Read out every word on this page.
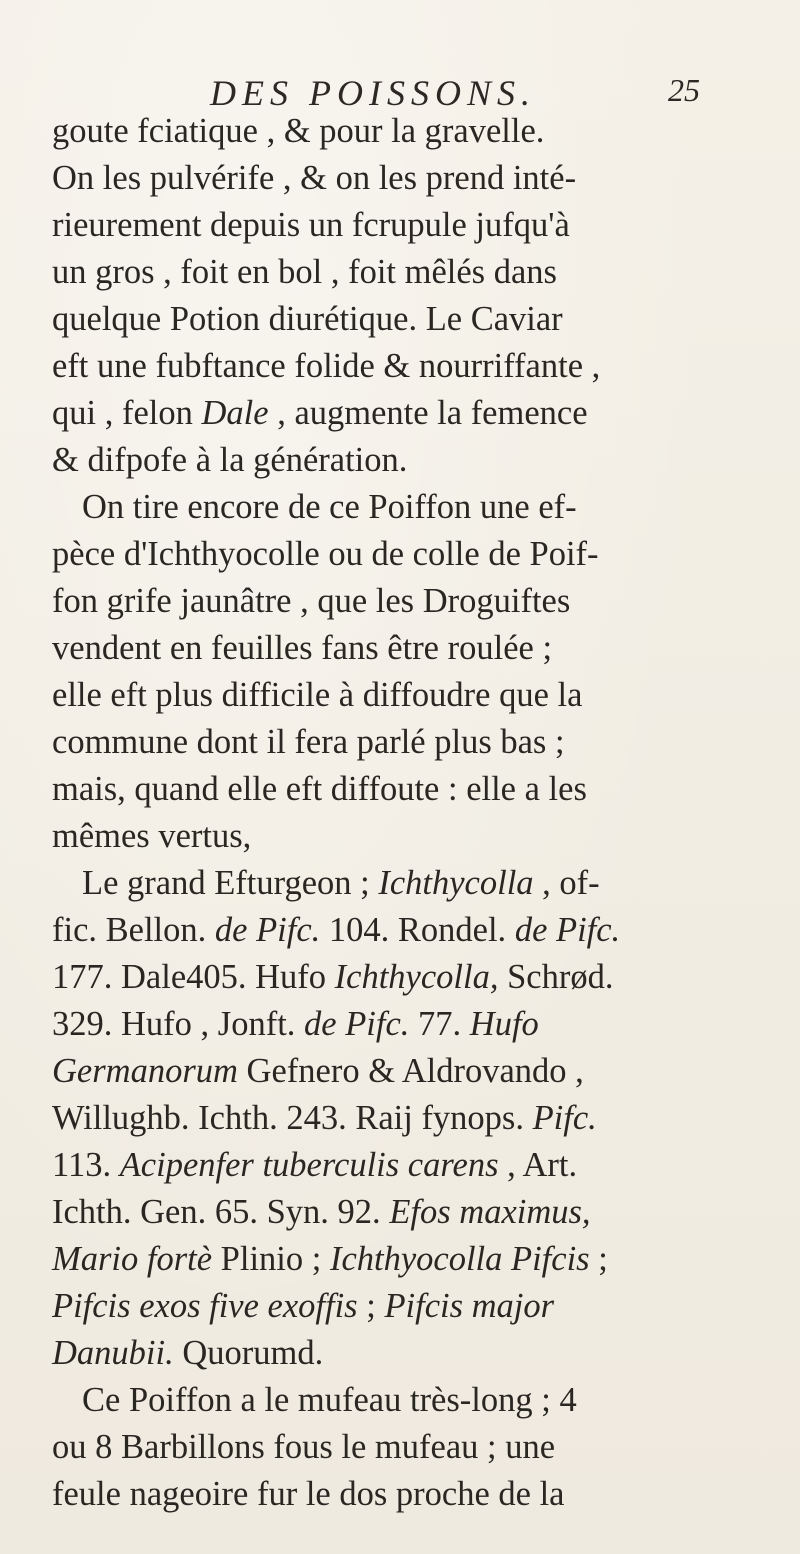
DES POISSONS.	25
goute fciatique , & pour la gravelle.
On les pulvérife , & on les prend inté-
rieurement depuis un fcrupule jufqu'à
un gros , foit en bol , foit mêlés dans
quelque Potion diurétique. Le Caviar
eft une fubftance folide & nourriffante ,
qui , felon Dale , augmente la femence
& difpofe à la génération.
On tire encore de ce Poiffon une ef-
pèce d'Ichthyocolle ou de colle de Poif-
fon grife jaunâtre , que les Droguiftes
vendent en feuilles fans être roulée ;
elle eft plus difficile à diffoudre que la
commune dont il fera parlé plus bas ;
mais, quand elle eft diffoute : elle a les
mêmes vertus,
Le grand Efturgeon ; Ichthycolla , of-
fic. Bellon. de Pifc. 104. Rondel. de Pifc.
177. Dale405. Hufo Ichthycolla, Schrød.
329. Hufo , Jonft. de Pifc. 77. Hufo
Germanorum Gefnero & Aldrovando ,
Willughb. Ichth. 243. Raij fynops. Pifc.
113. Acipenfer tuberculis carens , Art.
Ichth. Gen. 65. Syn. 92. Efos maximus,
Mario fortè Plinio ; Ichthyocolla Pifcis ;
Pifcis exos five exoffis ; Pifcis major
Danubii. Quorumd.
Ce Poiffon a le mufeau très-long ; 4
ou 8 Barbillons fous le mufeau ; une
feule nageoire fur le dos proche de la
